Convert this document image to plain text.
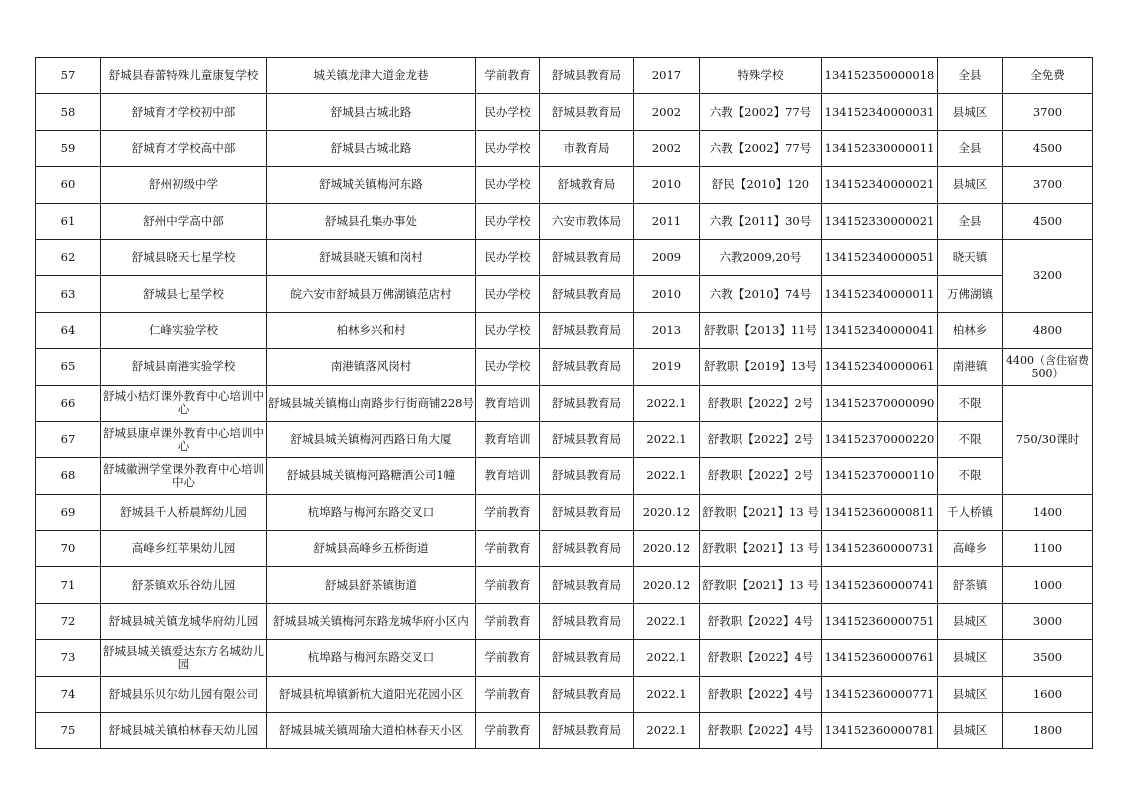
57	舒城县春蕾特殊儿童康复学校	城关镇龙津大道金龙巷	学前教育	舒城县教育局	2017	特殊学校	134152350000018	全县	全免费
58	舒城育才学校初中部	舒城县古城北路	民办学校	舒城县教育局	2002	六教【2002】77号	134152340000031	县城区	3700
59	舒城育才学校高中部	舒城县古城北路	民办学校	市教育局	2002	六教【2002】77号	134152330000011	全县	4500
60	舒州初级中学	舒城城关镇梅河东路	民办学校	舒城教育局	2010	舒民【2010】120	134152340000021	县城区	3700
61	舒州中学高中部	舒城县孔集办事处	民办学校	六安市教体局	2011	六教【2011】30号	134152330000021	全县	4500
62	舒城县晓天七星学校	舒城县晓天镇和岗村	民办学校	舒城县教育局	2009	六教2009,20号	134152340000051	晓天镇	3200
63	舒城县七星学校	皖六安市舒城县万佛湖镇范店村	民办学校	舒城县教育局	2010	六教【2010】74号	134152340000011	万佛湖镇	
64	仁峰实验学校	柏林乡兴和村	民办学校	舒城县教育局	2013	舒教职【2013】11号	134152340000041	柏林乡	4800
65	舒城县南港实验学校	南港镇落风岗村	民办学校	舒城县教育局	2019	舒教职【2019】13号	134152340000061	南港镇	4400（含住宿费500）
66	舒城小桔灯课外教育中心培训中心	舒城县城关镇梅山南路步行街商铺228号	教育培训	舒城县教育局	2022.1	舒教职【2022】2号	134152370000090	不限	750/30课时
67	舒城县康卓课外教育中心培训中心	舒城县城关镇梅河西路日角大厦	教育培训	舒城县教育局	2022.1	舒教职【2022】2号	134152370000220	不限	
68	舒城徽洲学堂课外教育中心培训中心	舒城县城关镇梅河路糖酒公司1幢	教育培训	舒城县教育局	2022.1	舒教职【2022】2号	134152370000110	不限	
69	舒城县千人桥晨辉幼儿园	杭埠路与梅河东路交叉口	学前教育	舒城县教育局	2020.12	舒教职【2021】13 号	134152360000811	千人桥镇	1400
70	高峰乡红苹果幼儿园	舒城县高峰乡五桥街道	学前教育	舒城县教育局	2020.12	舒教职【2021】13 号	134152360000731	高峰乡	1100
71	舒茶镇欢乐谷幼儿园	舒城县舒茶镇街道	学前教育	舒城县教育局	2020.12	舒教职【2021】13 号	134152360000741	舒茶镇	1000
72	舒城县城关镇龙城华府幼儿园	舒城县城关镇梅河东路龙城华府小区内	学前教育	舒城县教育局	2022.1	舒教职【2022】4号	134152360000751	县城区	3000
73	舒城县城关镇爱达东方名城幼儿园	杭埠路与梅河东路交叉口	学前教育	舒城县教育局	2022.1	舒教职【2022】4号	134152360000761	县城区	3500
74	舒城县乐贝尔幼儿园有限公司	舒城县杭埠镇新杭大道阳光花园小区	学前教育	舒城县教育局	2022.1	舒教职【2022】4号	134152360000771	县城区	1600
75	舒城县城关镇柏林春天幼儿园	舒城县城关镇周瑜大道柏林春天小区	学前教育	舒城县教育局	2022.1	舒教职【2022】4号	134152360000781	县城区	1800
